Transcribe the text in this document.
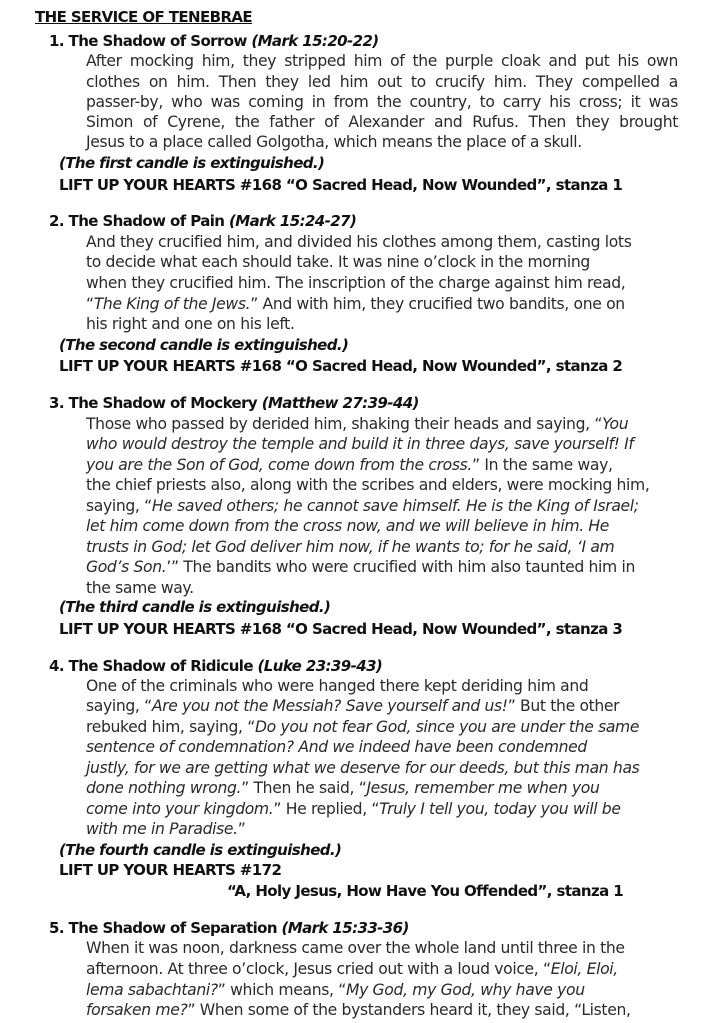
THE SERVICE OF TENEBRAE
1. The Shadow of Sorrow (Mark 15:20-22)
After mocking him, they stripped him of the purple cloak and put his own
clothes on him. Then they led him out to crucify him. They compelled a
passer-by, who was coming in from the country, to carry his cross; it was
Simon of Cyrene, the father of Alexander and Rufus. Then they brought
Jesus to a place called Golgotha, which means the place of a skull.
(The first candle is extinguished.)
LIFT UP YOUR HEARTS #168 “O Sacred Head, Now Wounded”, stanza 1
2. The Shadow of Pain (Mark 15:24-27)
And they crucified him, and divided his clothes among them, casting lots
to decide what each should take. It was nine o’clock in the morning
when they crucified him. The inscription of the charge against him read,
“The King of the Jews.” And with him, they crucified two bandits, one on
his right and one on his left.
(The second candle is extinguished.)
LIFT UP YOUR HEARTS #168 “O Sacred Head, Now Wounded”, stanza 2
3. The Shadow of Mockery (Matthew 27:39-44)
Those who passed by derided him, shaking their heads and saying, “You
who would destroy the temple and build it in three days, save yourself! If
you are the Son of God, come down from the cross.” In the same way,
the chief priests also, along with the scribes and elders, were mocking him,
saying, “He saved others; he cannot save himself. He is the King of Israel;
let him come down from the cross now, and we will believe in him. He
trusts in God; let God deliver him now, if he wants to; for he said, ‘I am
God’s Son.’” The bandits who were crucified with him also taunted him in
the same way.
(The third candle is extinguished.)
LIFT UP YOUR HEARTS #168 “O Sacred Head, Now Wounded”, stanza 3
4. The Shadow of Ridicule (Luke 23:39-43)
One of the criminals who were hanged there kept deriding him and
saying, “Are you not the Messiah? Save yourself and us!” But the other
rebuked him, saying, “Do you not fear God, since you are under the same
sentence of condemnation? And we indeed have been condemned
justly, for we are getting what we deserve for our deeds, but this man has
done nothing wrong.” Then he said, “Jesus, remember me when you
come into your kingdom.” He replied, “Truly I tell you, today you will be
with me in Paradise.”
(The fourth candle is extinguished.)
LIFT UP YOUR HEARTS #172
“A, Holy Jesus, How Have You Offended”, stanza 1
5. The Shadow of Separation (Mark 15:33-36)
When it was noon, darkness came over the whole land until three in the
afternoon. At three o’clock, Jesus cried out with a loud voice, “Eloi, Eloi,
lema sabachtani?” which means, “My God, my God, why have you
forsaken me?” When some of the bystanders heard it, they said, “Listen,
